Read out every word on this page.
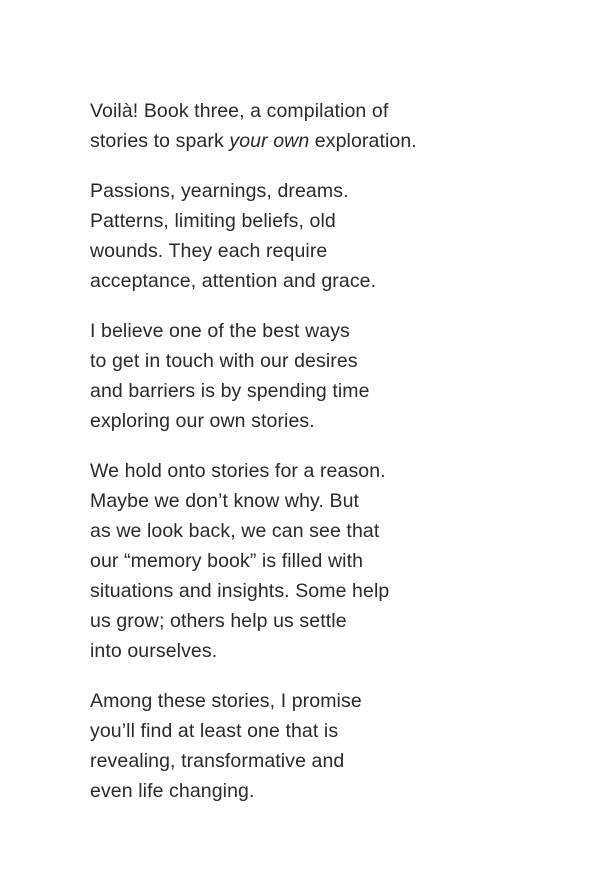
Voilà! Book three, a compilation of
stories to spark your own exploration.

Passions, yearnings, dreams.
Patterns, limiting beliefs, old
wounds. They each require
acceptance, attention and grace.

I believe one of the best ways
to get in touch with our desires
and barriers is by spending time
exploring our own stories.

We hold onto stories for a reason.
Maybe we don’t know why. But
as we look back, we can see that
our “memory book” is filled with
situations and insights. Some help
us grow; others help us settle
into ourselves.

Among these stories, I promise
you’ll find at least one that is
revealing, transformative and
even life changing.
